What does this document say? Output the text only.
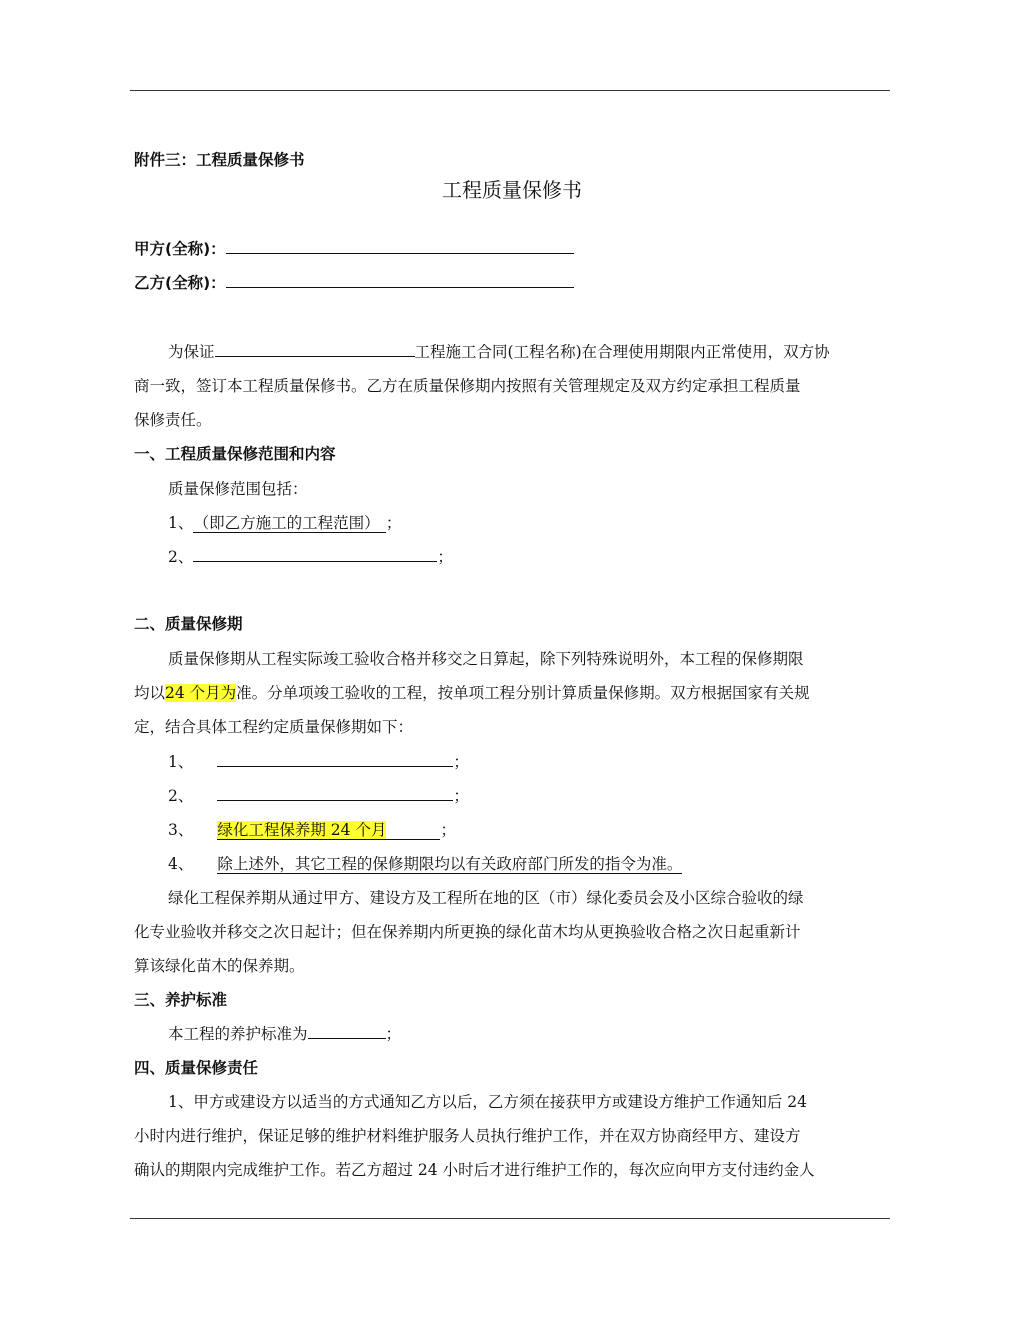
附件三：工程质量保修书
工程质量保修书
甲方(全称)：
乙方(全称)：
为保证	工程施工合同(工程名称)在合理使用期限内正常使用，双方协
商一致，签订本工程质量保修书。乙方在质量保修期内按照有关管理规定及双方约定承担工程质量
保修责任。
一、工程质量保修范围和内容
质量保修范围包括：
1、 （即乙方施工的工程范围） ；
2、	；
二、质量保修期
质量保修期从工程实际竣工验收合格并移交之日算起，除下列特殊说明外，本工程的保修期限
均以24 个月为准。分单项竣工验收的工程，按单项工程分别计算质量保修期。双方根据国家有关规
定，结合具体工程约定质量保修期如下：
1、	；
2、	；
3、 绿化工程保养期 24 个月	；
4、 除上述外，其它工程的保修期限均以有关政府部门所发的指令为准。
绿化工程保养期从通过甲方、建设方及工程所在地的区（市）绿化委员会及小区综合验收的绿
化专业验收并移交之次日起计；但在保养期内所更换的绿化苗木均从更换验收合格之次日起重新计
算该绿化苗木的保养期。
三、养护标准
本工程的养护标准为	；
四、质量保修责任
1、甲方或建设方以适当的方式通知乙方以后，乙方须在接获甲方或建设方维护工作通知后 24
小时内进行维护，保证足够的维护材料维护服务人员执行维护工作，并在双方协商经甲方、建设方
确认的期限内完成维护工作。若乙方超过 24 小时后才进行维护工作的，每次应向甲方支付违约金人
